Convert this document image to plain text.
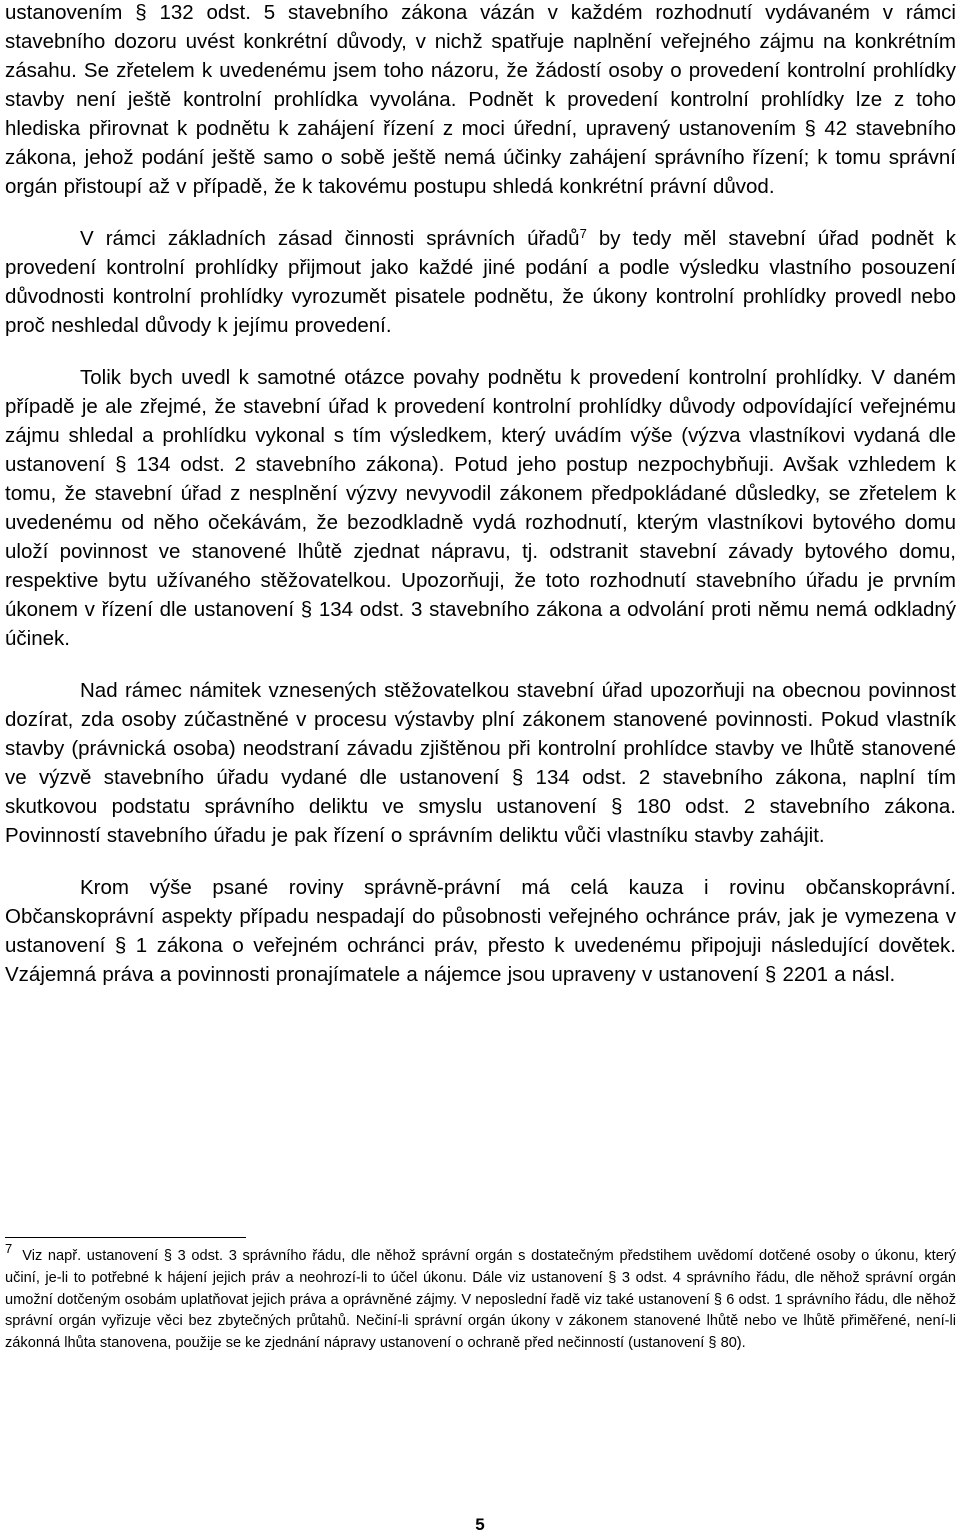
ustanovením § 132 odst. 5 stavebního zákona vázán v každém rozhodnutí vydávaném v rámci stavebního dozoru uvést konkrétní důvody, v nichž spatřuje naplnění veřejného zájmu na konkrétním zásahu. Se zřetelem k uvedenému jsem toho názoru, že žádostí osoby o provedení kontrolní prohlídky stavby není ještě kontrolní prohlídka vyvolána. Podnět k provedení kontrolní prohlídky lze z toho hlediska přirovnat k podnětu k zahájení řízení z moci úřední, upravený ustanovením § 42 stavebního zákona, jehož podání ještě samo o sobě ještě nemá účinky zahájení správního řízení; k tomu správní orgán přistoupí až v případě, že k takovému postupu shledá konkrétní právní důvod.

V rámci základních zásad činnosti správních úřadů$^7$ by tedy měl stavební úřad podnět k provedení kontrolní prohlídky přijmout jako každé jiné podání a podle výsledku vlastního posouzení důvodnosti kontrolní prohlídky vyrozumět pisatele podnětu, že úkony kontrolní prohlídky provedl nebo proč neshledal důvody k jejímu provedení.

Tolik bych uvedl k samotné otázce povahy podnětu k provedení kontrolní prohlídky. V daném případě je ale zřejmé, že stavební úřad k provedení kontrolní prohlídky důvody odpovídající veřejnému zájmu shledal a prohlídku vykonal s tím výsledkem, který uvádím výše (výzva vlastníkovi vydaná dle ustanovení § 134 odst. 2 stavebního zákona). Potud jeho postup nezpochybňuji. Avšak vzhledem k tomu, že stavební úřad z nesplnění výzvy nevyvodil zákonem předpokládané důsledky, se zřetelem k uvedenému od něho očekávám, že bezodkladně vydá rozhodnutí, kterým vlastníkovi bytového domu uloží povinnost ve stanovené lhůtě zjednat nápravu, tj. odstranit stavební závady bytového domu, respektive bytu užívaného stěžovatelkou. Upozorňuji, že toto rozhodnutí stavebního úřadu je prvním úkonem v řízení dle ustanovení § 134 odst. 3 stavebního zákona a odvolání proti němu nemá odkladný účinek.

Nad rámec námitek vznesených stěžovatelkou stavební úřad upozorňuji na obecnou povinnost dozírat, zda osoby zúčastněné v procesu výstavby plní zákonem stanovené povinnosti. Pokud vlastník stavby (právnická osoba) neodstraní závadu zjištěnou při kontrolní prohlídce stavby ve lhůtě stanovené ve výzvě stavebního úřadu vydané dle ustanovení § 134 odst. 2 stavebního zákona, naplní tím skutkovou podstatu správního deliktu ve smyslu ustanovení § 180 odst. 2 stavebního zákona. Povinností stavebního úřadu je pak řízení o správním deliktu vůči vlastníku stavby zahájit.

Krom výše psané roviny správně-právní má celá kauza i rovinu občanskoprávní. Občanskoprávní aspekty případu nespadají do působnosti veřejného ochránce práv, jak je vymezena v ustanovení § 1 zákona o veřejném ochránci práv, přesto k uvedenému připojuji následující dovětek. Vzájemná práva a povinnosti pronajímatele a nájemce jsou upraveny v ustanovení § 2201 a násl.

7 Viz např. ustanovení § 3 odst. 3 správního řádu, dle něhož správní orgán s dostatečným předstihem uvědomí dotčené osoby o úkonu, který učiní, je-li to potřebné k hájení jejich práv a neohrozí-li to účel úkonu. Dále viz ustanovení § 3 odst. 4 správního řádu, dle něhož správní orgán umožní dotčeným osobám uplatňovat jejich práva a oprávněné zájmy. V neposlední řadě viz také ustanovení § 6 odst. 1 správního řádu, dle něhož správní orgán vyřizuje věci bez zbytečných průtahů. Nečiní-li správní orgán úkony v zákonem stanovené lhůtě nebo ve lhůtě přiměřené, není-li zákonná lhůta stanovena, použije se ke zjednání nápravy ustanovení o ochraně před nečinností (ustanovení § 80).

5
